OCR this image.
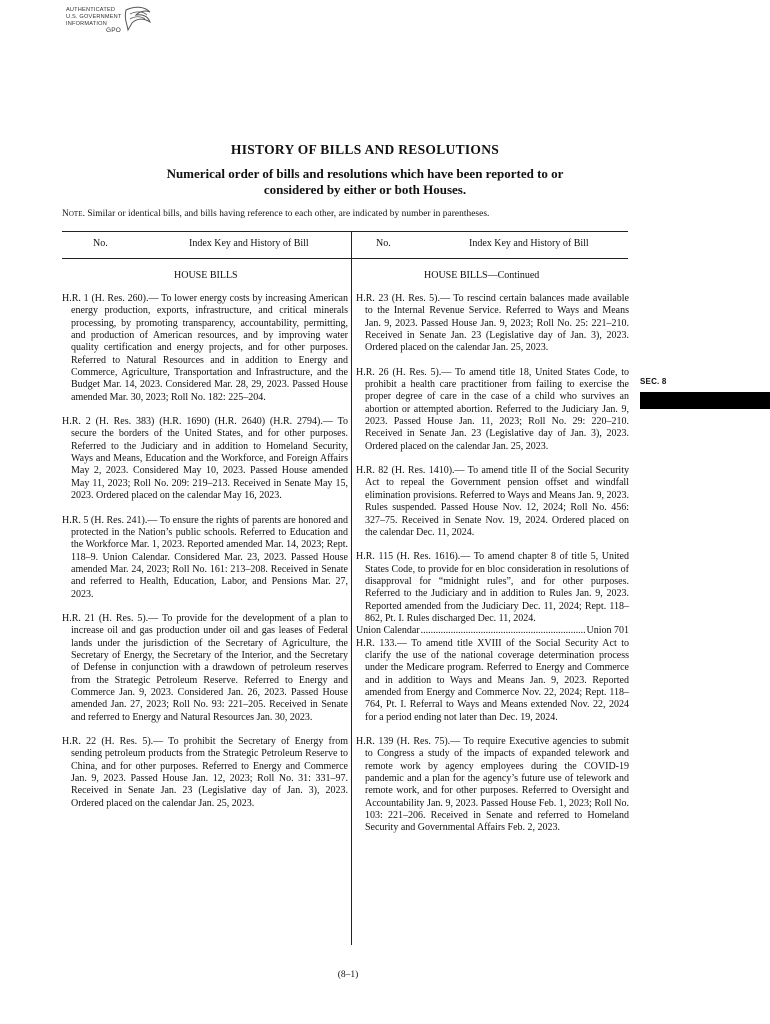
AUTHENTICATED
U.S. GOVERNMENT
INFORMATION
GPO
HISTORY OF BILLS AND RESOLUTIONS
Numerical order of bills and resolutions which have been reported to or
considered by either or both Houses.
Note. Similar or identical bills, and bills having reference to each other, are indicated by number in parentheses.
No.	Index Key and History of Bill	No.	Index Key and History of Bill
HOUSE BILLS	HOUSE BILLS—Continued

H.R. 1 (H. Res. 260).— To lower energy costs by increasing American energy production, exports, infrastructure, and critical minerals processing, by promoting transparency, accountability, permitting, and production of American resources, and by improving water quality certification and energy projects, and for other purposes. Referred to Natural Resources and in addition to Energy and Commerce, Agriculture, Transportation and Infrastructure, and the Budget Mar. 14, 2023. Considered Mar. 28, 29, 2023. Passed House amended Mar. 30, 2023; Roll No. 182: 225–204.

H.R. 2 (H. Res. 383) (H.R. 1690) (H.R. 2640) (H.R. 2794).— To secure the borders of the United States, and for other purposes. Referred to the Judiciary and in addition to Homeland Security, Ways and Means, Education and the Workforce, and Foreign Affairs May 2, 2023. Considered May 10, 2023. Passed House amended May 11, 2023; Roll No. 209: 219–213. Received in Senate May 15, 2023. Ordered placed on the calendar May 16, 2023.

H.R. 5 (H. Res. 241).— To ensure the rights of parents are honored and protected in the Nation’s public schools. Referred to Education and the Workforce Mar. 1, 2023. Reported amended Mar. 14, 2023; Rept. 118–9. Union Calendar. Considered Mar. 23, 2023. Passed House amended Mar. 24, 2023; Roll No. 161: 213–208. Received in Senate and referred to Health, Education, Labor, and Pensions Mar. 27, 2023.

H.R. 21 (H. Res. 5).— To provide for the development of a plan to increase oil and gas production under oil and gas leases of Federal lands under the jurisdiction of the Secretary of Agriculture, the Secretary of Energy, the Secretary of the Interior, and the Secretary of Defense in conjunction with a drawdown of petroleum reserves from the Strategic Petroleum Reserve. Referred to Energy and Commerce Jan. 9, 2023. Considered Jan. 26, 2023. Passed House amended Jan. 27, 2023; Roll No. 93: 221–205. Received in Senate and referred to Energy and Natural Resources Jan. 30, 2023.

H.R. 22 (H. Res. 5).— To prohibit the Secretary of Energy from sending petroleum products from the Strategic Petroleum Reserve to China, and for other purposes. Referred to Energy and Commerce Jan. 9, 2023. Passed House Jan. 12, 2023; Roll No. 31: 331–97. Received in Senate Jan. 23 (Legislative day of Jan. 3), 2023. Ordered placed on the calendar Jan. 25, 2023.

H.R. 23 (H. Res. 5).— To rescind certain balances made available to the Internal Revenue Service. Referred to Ways and Means Jan. 9, 2023. Passed House Jan. 9, 2023; Roll No. 25: 221–210. Received in Senate Jan. 23 (Legislative day of Jan. 3), 2023. Ordered placed on the calendar Jan. 25, 2023.

H.R. 26 (H. Res. 5).— To amend title 18, United States Code, to prohibit a health care practitioner from failing to exercise the proper degree of care in the case of a child who survives an abortion or attempted abortion. Referred to the Judiciary Jan. 9, 2023. Passed House Jan. 11, 2023; Roll No. 29: 220–210. Received in Senate Jan. 23 (Legislative day of Jan. 3), 2023. Ordered placed on the calendar Jan. 25, 2023.

H.R. 82 (H. Res. 1410).— To amend title II of the Social Security Act to repeal the Government pension offset and windfall elimination provisions. Referred to Ways and Means Jan. 9, 2023. Rules suspended. Passed House Nov. 12, 2024; Roll No. 456: 327–75. Received in Senate Nov. 19, 2024. Ordered placed on the calendar Dec. 11, 2024.

H.R. 115 (H. Res. 1616).— To amend chapter 8 of title 5, United States Code, to provide for en bloc consideration in resolutions of disapproval for “midnight rules”, and for other purposes. Referred to the Judiciary and in addition to Rules Jan. 9, 2023. Reported amended from the Judiciary Dec. 11, 2024; Rept. 118–862, Pt. I. Rules discharged Dec. 11, 2024.

Union Calendar
.....	Union 701

H.R. 133.— To amend title XVIII of the Social Security Act to clarify the use of the national coverage determination process under the Medicare program. Referred to Energy and Commerce and in addition to Ways and Means Jan. 9, 2023. Reported amended from Energy and Commerce Nov. 22, 2024; Rept. 118–764, Pt. I. Referral to Ways and Means extended Nov. 22, 2024 for a period ending not later than Dec. 19, 2024.

H.R. 139 (H. Res. 75).— To require Executive agencies to submit to Congress a study of the impacts of expanded telework and remote work by agency employees during the COVID-19 pandemic and a plan for the agency’s future use of telework and remote work, and for other purposes. Referred to Oversight and Accountability Jan. 9, 2023. Passed House Feb. 1, 2023; Roll No. 103: 221–206. Received in Senate and referred to Homeland Security and Governmental Affairs Feb. 2, 2023.

SEC. 8
(8–1)
